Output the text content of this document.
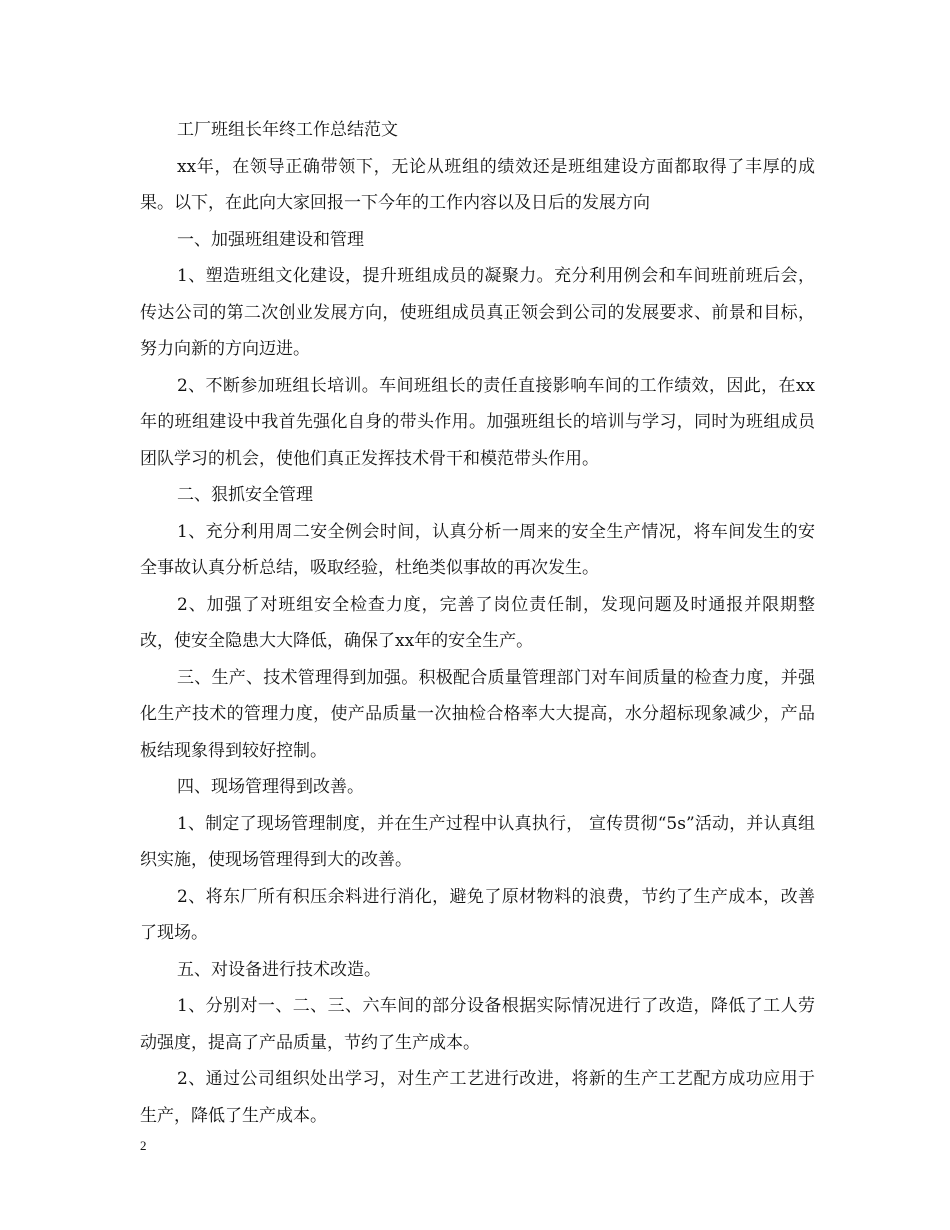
工厂班组长年终工作总结范文

xx年，在领导正确带领下，无论从班组的绩效还是班组建设方面都取得了丰厚的成果。以下，在此向大家回报一下今年的工作内容以及日后的发展方向

一、加强班组建设和管理

1、塑造班组文化建设，提升班组成员的凝聚力。充分利用例会和车间班前班后会，传达公司的第二次创业发展方向，使班组成员真正领会到公司的发展要求、前景和目标，努力向新的方向迈进。

2、不断参加班组长培训。车间班组长的责任直接影响车间的工作绩效，因此，在xx年的班组建设中我首先强化自身的带头作用。加强班组长的培训与学习，同时为班组成员团队学习的机会，使他们真正发挥技术骨干和模范带头作用。

二、狠抓安全管理

1、充分利用周二安全例会时间，认真分析一周来的安全生产情况，将车间发生的安全事故认真分析总结，吸取经验，杜绝类似事故的再次发生。

2、加强了对班组安全检查力度，完善了岗位责任制，发现问题及时通报并限期整改，使安全隐患大大降低，确保了xx年的安全生产。

三、生产、技术管理得到加强。积极配合质量管理部门对车间质量的检查力度，并强化生产技术的管理力度，使产品质量一次抽检合格率大大提高，水分超标现象减少，产品板结现象得到较好控制。

四、现场管理得到改善。

1、制定了现场管理制度，并在生产过程中认真执行， 宣传贯彻“5s”活动，并认真组织实施，使现场管理得到大的改善。

2、将东厂所有积压余料进行消化，避免了原材物料的浪费，节约了生产成本，改善了现场。

五、对设备进行技术改造。

1、分别对一、二、三、六车间的部分设备根据实际情况进行了改造，降低了工人劳动强度，提高了产品质量，节约了生产成本。

2、通过公司组织处出学习，对生产工艺进行改进，将新的生产工艺配方成功应用于生产，降低了生产成本。

2
